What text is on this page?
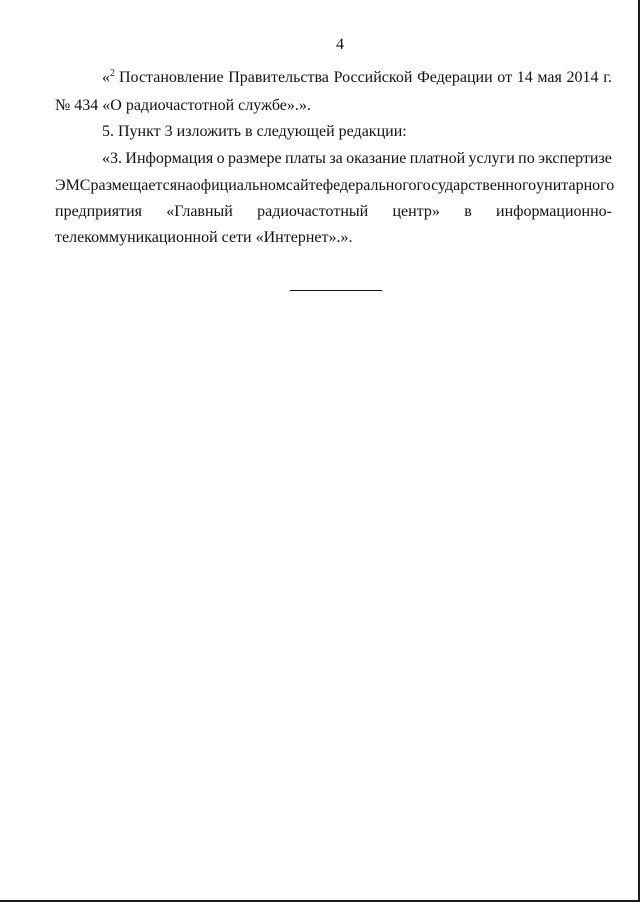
4
«$^2$ Постановление Правительства Российской Федерации от 14 мая 2014 г.
№ 434 «О радиочастотной службе».».
5. Пункт 3 изложить в следующей редакции:
«3. Информация о размере платы за оказание платной услуги по экспертизе
ЭМС размещается на официальном сайте федерального государственного унитарного
предприятия «Главный радиочастотный центр» в информационно-
телекоммуникационной сети «Интернет».».
